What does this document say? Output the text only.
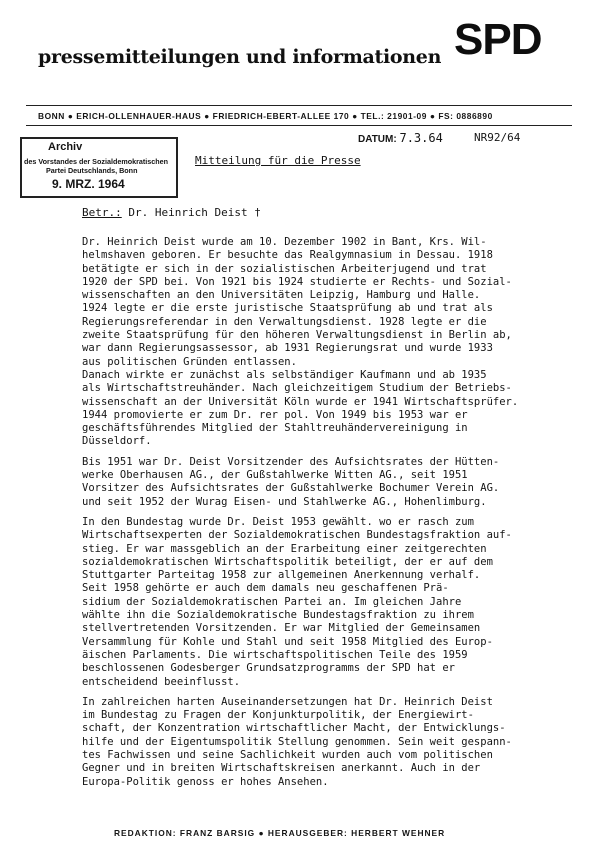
pressemitteilungen und informationen SPD
BONN ● ERICH-OLLENHAUER-HAUS ● FRIEDRICH-EBERT-ALLEE 170 ● TEL.: 21901-09 ● FS: 0886890
Archiv
des Vorstandes der Sozialdemokratischen
Partei Deutschlands, Bonn
9. MRZ. 1964
DATUM: 7.3.64	NR92/64
Mitteilung für die Presse
Betr.: Dr. Heinrich Deist †
Dr. Heinrich Deist wurde am 10. Dezember 1902 in Bant, Krs. Wil-
helmshaven geboren. Er besuchte das Realgymnasium in Dessau. 1918
betätigte er sich in der sozialistischen Arbeiterjugend und trat
1920 der SPD bei. Von 1921 bis 1924 studierte er Rechts- und Sozial-
wissenschaften an den Universitäten Leipzig, Hamburg und Halle.
1924 legte er die erste juristische Staatsprüfung ab und trat als
Regierungsreferendar in den Verwaltungsdienst. 1928 legte er die
zweite Staatsprüfung für den höheren Verwaltungsdienst in Berlin ab,
war dann Regierungsassessor, ab 1931 Regierungsrat und wurde 1933
aus politischen Gründen entlassen.
Danach wirkte er zunächst als selbständiger Kaufmann und ab 1935
als Wirtschaftstreuhänder. Nach gleichzeitigem Studium der Betriebs-
wissenschaft an der Universität Köln wurde er 1941 Wirtschaftsprüfer.
1944 promovierte er zum Dr. rer pol. Von 1949 bis 1953 war er
geschäftsführendes Mitglied der Stahltreuhändervereinigung in
Düsseldorf.
Bis 1951 war Dr. Deist Vorsitzender des Aufsichtsrates der Hütten-
werke Oberhausen AG., der Gußstahlwerke Witten AG., seit 1951
Vorsitzer des Aufsichtsrates der Gußstahlwerke Bochumer Verein AG.
und seit 1952 der Wurag Eisen- und Stahlwerke AG., Hohenlimburg.
In den Bundestag wurde Dr. Deist 1953 gewählt. wo er rasch zum
Wirtschaftsexperten der Sozialdemokratischen Bundestagsfraktion auf-
stieg. Er war massgeblich an der Erarbeitung einer zeitgerechten
sozialdemokratischen Wirtschaftspolitik beteiligt, der er auf dem
Stuttgarter Parteitag 1958 zur allgemeinen Anerkennung verhalf.
Seit 1958 gehörte er auch dem damals neu geschaffenen Prä-
sidium der Sozialdemokratischen Partei an. Im gleichen Jahre
wählte ihn die Sozialdemokratische Bundestagsfraktion zu ihrem
stellvertretenden Vorsitzenden. Er war Mitglied der Gemeinsamen
Versammlung für Kohle und Stahl und seit 1958 Mitglied des Europ-
äischen Parlaments. Die wirtschaftspolitischen Teile des 1959
beschlossenen Godesberger Grundsatzprogramms der SPD hat er
entscheidend beeinflusst.
In zahlreichen harten Auseinandersetzungen hat Dr. Heinrich Deist
im Bundestag zu Fragen der Konjunkturpolitik, der Energiewirt-
schaft, der Konzentration wirtschaftlicher Macht, der Entwicklungs-
hilfe und der Eigentumspolitik Stellung genommen. Sein weit gespann-
tes Fachwissen und seine Sachlichkeit wurden auch vom politischen
Gegner und in breiten Wirtschaftskreisen anerkannt. Auch in der
Europa-Politik genoss er hohes Ansehen.
REDAKTION: FRANZ BARSIG ● HERAUSGEBER: HERBERT WEHNER
